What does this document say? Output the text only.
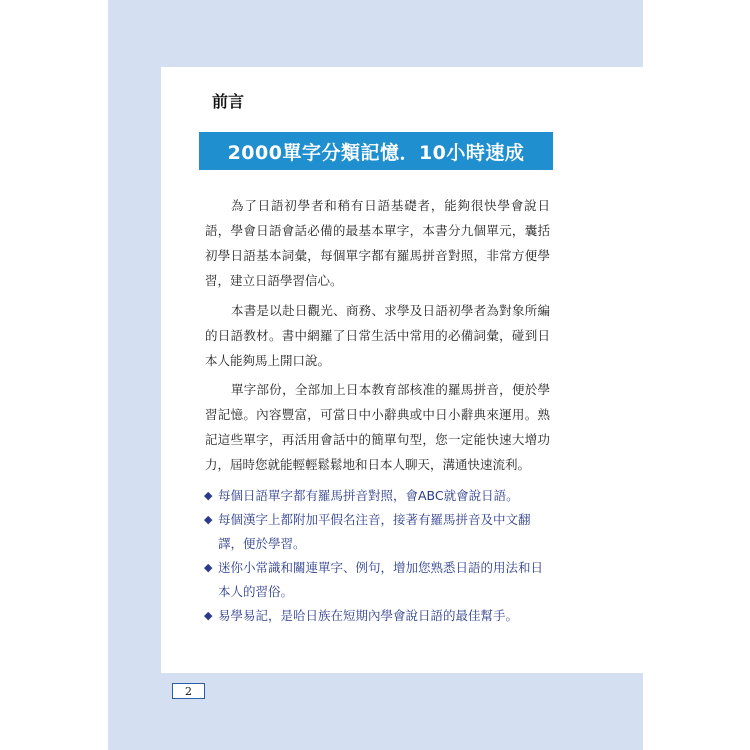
前言
2000單字分類記憶．10小時速成

為了日語初學者和稍有日語基礎者，能夠很快學會說日語，學會日語會話必備的最基本單字，本書分九個單元，囊括初學日語基本詞彙，每個單字都有羅馬拼音對照，非常方便學習，建立日語學習信心。

本書是以赴日觀光、商務、求學及日語初學者為對象所編的日語教材。書中網羅了日常生活中常用的必備詞彙，碰到日本人能夠馬上開口說。

單字部份，全部加上日本教育部核准的羅馬拼音，便於學習記憶。內容豐富，可當日中小辭典或中日小辭典來運用。熟記這些單字，再活用會話中的簡單句型，您一定能快速大增功力，屆時您就能輕輕鬆鬆地和日本人聊天，溝通快速流利。

◆ 每個日語單字都有羅馬拼音對照，會ABC就會說日語。
◆ 每個漢字上都附加平假名注音，接著有羅馬拼音及中文翻譯，便於學習。
◆ 迷你小常識和關連單字、例句，增加您熟悉日語的用法和日本人的習俗。
◆ 易學易記，是哈日族在短期內學會說日語的最佳幫手。
2
